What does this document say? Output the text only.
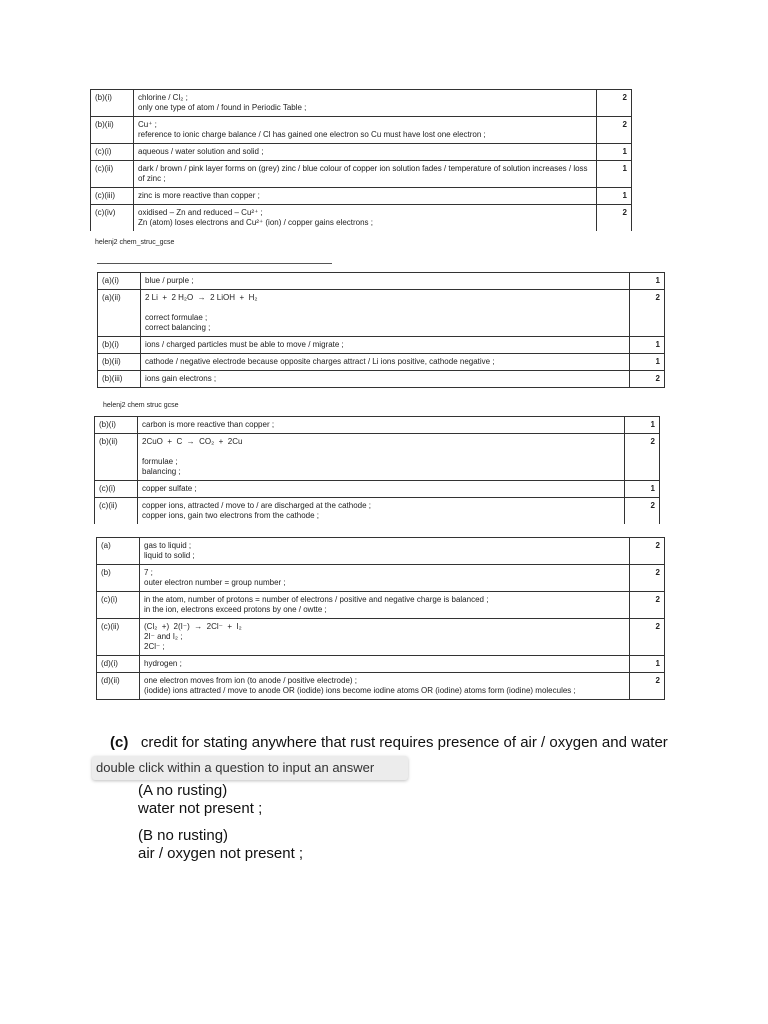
(b)(i)	chlorine / Cl₂ ;
only one type of atom / found in Periodic Table ;	2
(b)(ii)	Cu⁺ ;
reference to ionic charge balance / Cl has gained one electron so Cu must have lost one electron ;	2
(c)(i)	aqueous / water solution and solid ;	1
(c)(ii)	dark / brown / pink layer forms on (grey) zinc / blue colour of copper ion solution fades / temperature of solution increases / loss of zinc ;	1
(c)(iii)	zinc is more reactive than copper ;	1
(c)(iv)	oxidised – Zn and reduced – Cu²⁺ ;
Zn (atom) loses electrons and Cu²⁺ (ion) / copper gains electrons ;	2
helenj2 chem_struc_gcse
(a)(i)	blue / purple ;	1
(a)(ii)	2 Li  +  2 H₂O  →  2 LiOH  +  H₂

correct formulae ;
correct balancing ;	2
(b)(i)	ions / charged particles must be able to move / migrate ;	1
(b)(ii)	cathode / negative electrode because opposite charges attract / Li ions positive, cathode negative ;	1
(b)(iii)	ions gain electrons ;	2
helenj2 chem struc gcse
(b)(i)	carbon is more reactive than copper ;	1
(b)(ii)	2CuO  +  C  →  CO₂  +  2Cu

formulae ;
balancing ;	2
(c)(i)	copper sulfate ;	1
(c)(ii)	copper ions, attracted / move to / are discharged at the cathode ;
copper ions, gain two electrons from the cathode ;	2
(a)	gas to liquid ;
liquid to solid ;	2
(b)	7 ;
outer electron number = group number ;	2
(c)(i)	in the atom, number of protons = number of electrons / positive and negative charge is balanced ;
in the ion, electrons exceed protons by one / owtte ;	2
(c)(ii)	(Cl₂  +)  2(I⁻)  →  2Cl⁻  +  I₂
2I⁻ and I₂ ;
2Cl⁻ ;	2
(d)(i)	hydrogen ;	1
(d)(ii)	one electron moves from ion (to anode / positive electrode) ;
(iodide) ions attracted / move to anode OR (iodide) ions become iodine atoms OR (iodine) atoms form (iodine) molecules ;	2
(c) credit for stating anywhere that rust requires presence of air / oxygen and water
(A no rusting)
water not present ;
(B no rusting)
air / oxygen not present ;
double click within a question to input an answer
